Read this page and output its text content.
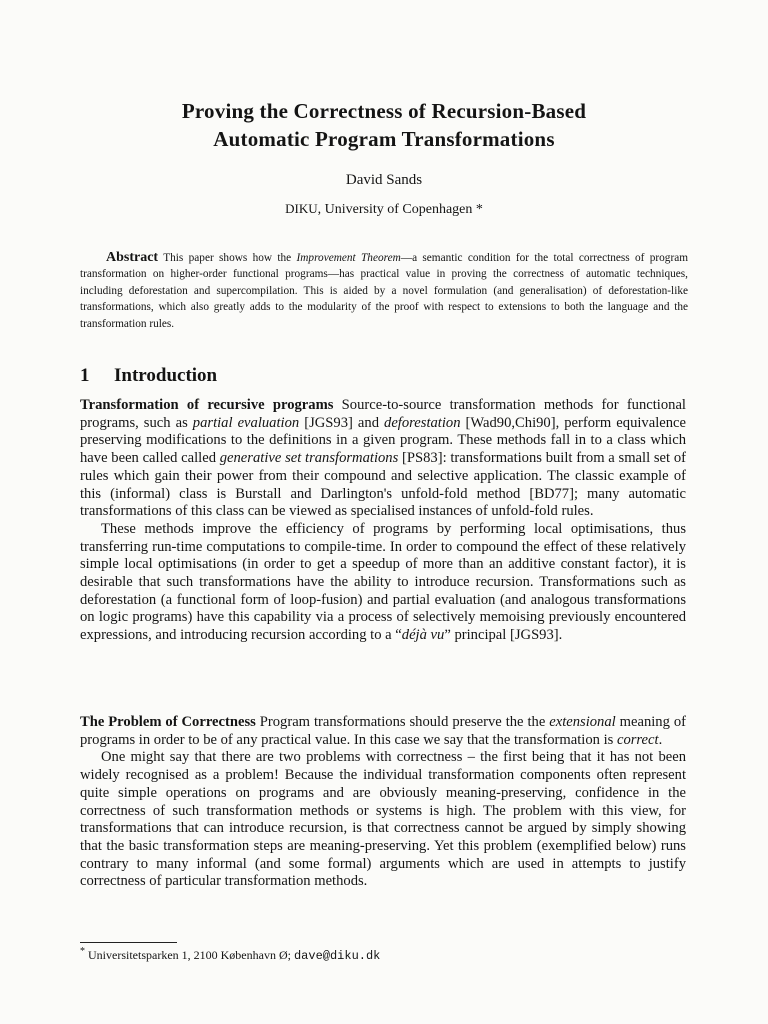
Proving the Correctness of Recursion-Based
Automatic Program Transformations
David Sands
DIKU, University of Copenhagen *
Abstract This paper shows how the Improvement Theorem—a semantic condition for the total correctness of program transformation on higher-order functional programs—has practical value in proving the correctness of automatic techniques, including deforestation and supercompilation. This is aided by a novel formulation (and generalisation) of deforestation-like transformations, which also greatly adds to the modularity of the proof with respect to extensions to both the language and the transformation rules.
1 Introduction

Transformation of recursive programs Source-to-source transformation methods for functional programs, such as partial evaluation [JGS93] and deforestation [Wad90,Chi90], perform equivalence preserving modifications to the definitions in a given program. These methods fall in to a class which have been called called generative set transformations [PS83]: transformations built from a small set of rules which gain their power from their compound and selective application. The classic example of this (informal) class is Burstall and Darlington's unfold-fold method [BD77]; many automatic transformations of this class can be viewed as specialised instances of unfold-fold rules.

These methods improve the efficiency of programs by performing local optimisations, thus transferring run-time computations to compile-time. In order to compound the effect of these relatively simple local optimisations (in order to get a speedup of more than an additive constant factor), it is desirable that such transformations have the ability to introduce recursion. Transformations such as deforestation (a functional form of loop-fusion) and partial evaluation (and analogous transformations on logic programs) have this capability via a process of selectively memoising previously encountered expressions, and introducing recursion according to a “déjà vu” principal [JGS93].

The Problem of Correctness Program transformations should preserve the the extensional meaning of programs in order to be of any practical value. In this case we say that the transformation is correct.

One might say that there are two problems with correctness – the first being that it has not been widely recognised as a problem! Because the individual transformation components often represent quite simple operations on programs and are obviously meaning-preserving, confidence in the correctness of such transformation methods or systems is high. The problem with this view, for transformations that can introduce recursion, is that correctness cannot be argued by simply showing that the basic transformation steps are meaning-preserving. Yet this problem (exemplified below) runs contrary to many informal (and some formal) arguments which are used in attempts to justify correctness of particular transformation methods.

* Universitetsparken 1, 2100 København Ø; dave@diku.dk
